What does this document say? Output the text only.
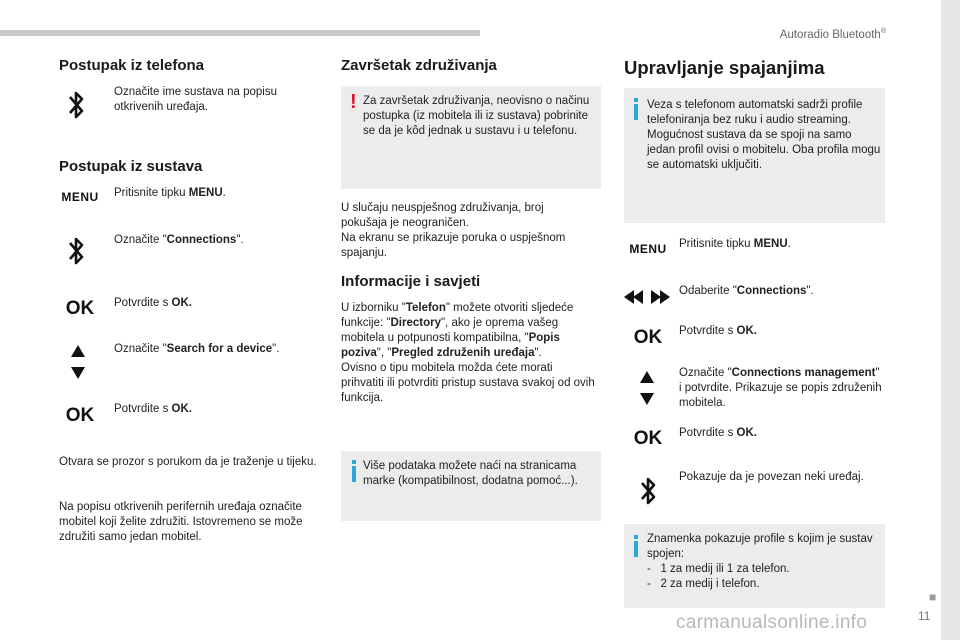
Autoradio Bluetooth®
■
11
Postupak iz telefona
Označite ime sustava na popisu otkrivenih uređaja.
Postupak iz sustava
MENU	Pritisnite tipku MENU.
Označite "Connections".
OK	Potvrdite s OK.
Označite "Search for a device".
OK	Potvrdite s OK.
Otvara se prozor s porukom da je traženje u tijeku.
Na popisu otkrivenih perifernih uređaja označite mobitel koji želite združiti. Istovremeno se može združiti samo jedan mobitel.
Završetak združivanja
! Za završetak združivanja, neovisno o načinu postupka (iz mobitela ili iz sustava) pobrinite se da je kôd jednak u sustavu i u telefonu.
U slučaju neuspješnog združivanja, broj pokušaja je neograničen.
Na ekranu se prikazuje poruka o uspješnom spajanju.
Informacije i savjeti
U izborniku "Telefon" možete otvoriti sljedeće funkcije: "Directory", ako je oprema vašeg mobitela u potpunosti kompatibilna, "Popis poziva", "Pregled združenih uređaja".
Ovisno o tipu mobitela možda ćete morati prihvatiti ili potvrditi pristup sustava svakoj od ovih funkcija.
Više podataka možete naći na stranicama marke (kompatibilnost, dodatna pomoć...).
Upravljanje spajanjima
Veza s telefonom automatski sadrži profile telefoniranja bez ruku i audio streaming. Mogućnost sustava da se spoji na samo jedan profil ovisi o mobitelu. Oba profila mogu se automatski uključiti.
MENU	Pritisnite tipku MENU.
Odaberite "Connections".
OK	Potvrdite s OK.
Označite "Connections management" i potvrdite. Prikazuje se popis združenih mobitela.
OK	Potvrdite s OK.
Pokazuje da je povezan neki uređaj.
Znamenka pokazuje profile s kojim je sustav spojen:
- 1 za medij ili 1 za telefon.
- 2 za medij i telefon.
carmanualsonline.info
